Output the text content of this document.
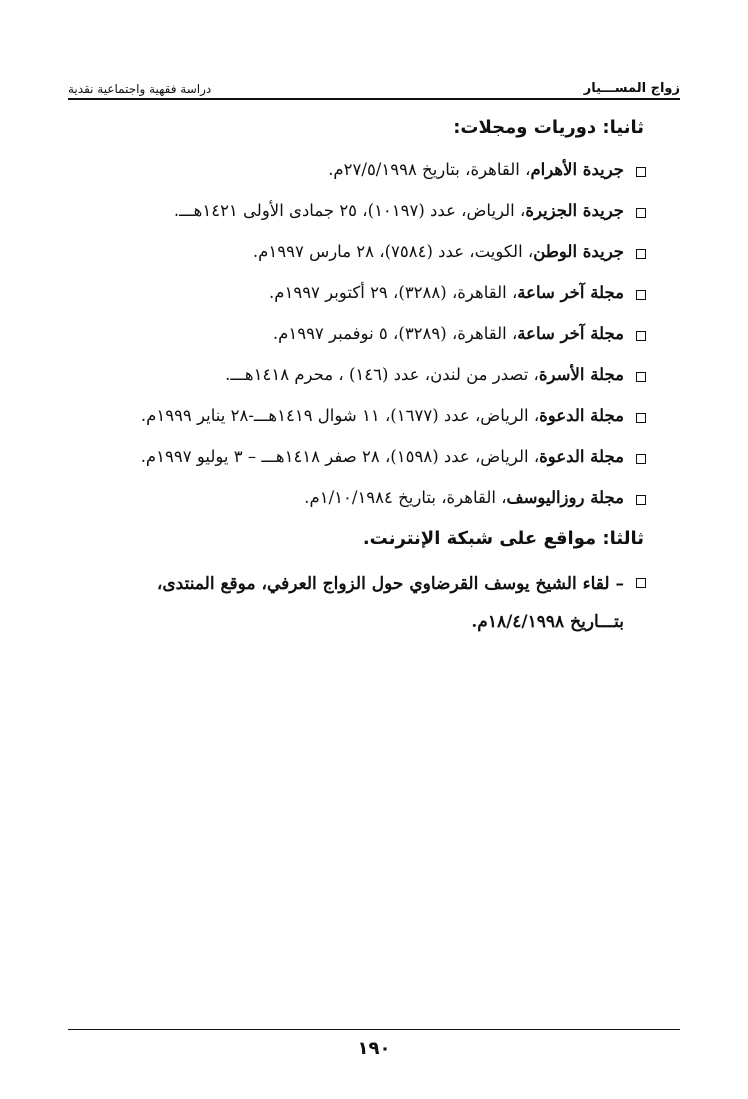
زواج المســـيار
دراسة فقهية واجتماعية نقدية
ثانيا: دوريات ومجلات:
جريدة الأهرام، القاهرة، بتاريخ ٢٧/٥/١٩٩٨م.
جريدة الجزيرة، الرياض، عدد (١٠١٩٧)، ٢٥ جمادى الأولى ١٤٢١هـــ.
جريدة الوطن، الكويت، عدد (٧٥٨٤)، ٢٨ مارس ١٩٩٧م.
مجلة آخر ساعة، القاهرة، (٣٢٨٨)، ٢٩ أكتوبر ١٩٩٧م.
مجلة آخر ساعة، القاهرة، (٣٢٨٩)، ٥ نوفمبر ١٩٩٧م.
مجلة الأسرة، تصدر من لندن، عدد (١٤٦) ، محرم ١٤١٨هـــ.
مجلة الدعوة، الرياض، عدد (١٦٧٧)، ١١ شوال ١٤١٩هـــ-٢٨ يناير ١٩٩٩م.
مجلة الدعوة، الرياض، عدد (١٥٩٨)، ٢٨ صفر ١٤١٨هـــ – ٣ يوليو ١٩٩٧م.
مجلة روزاليوسف، القاهرة، بتاريخ ١/١٠/١٩٨٤م.
ثالثا: مواقع على شبكة الإنترنت.
– لقاء الشيخ يوسف القرضاوي حول الزواج العرفي، موقع المنتدى، بتـــاريخ ١٨/٤/١٩٩٨م.
١٩٠
